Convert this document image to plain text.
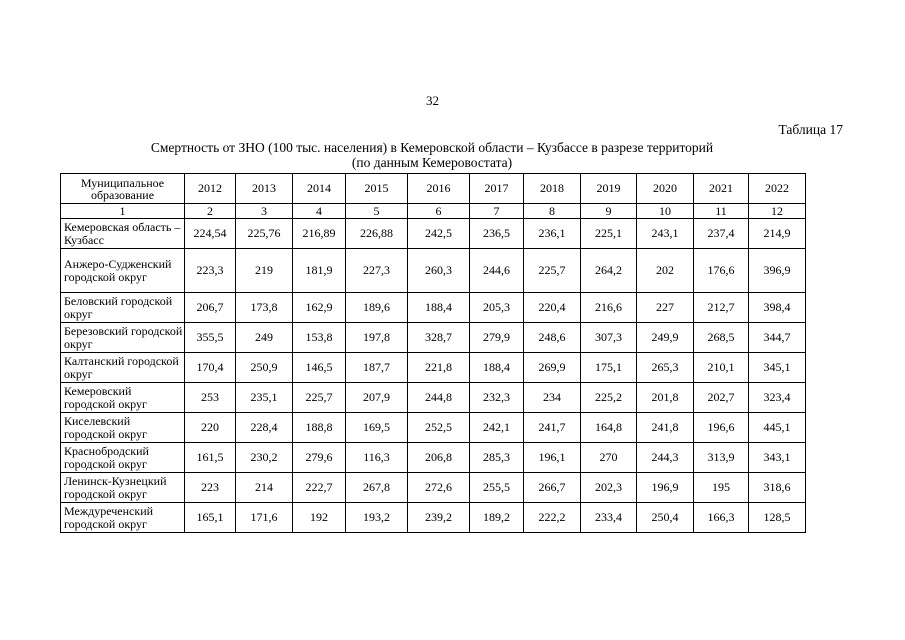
32
Таблица 17
Смертность от ЗНО (100 тыс. населения) в Кемеровской области – Кузбассе в разрезе территорий
(по данным Кемеровостата)
Муниципальное образование	2012	2013	2014	2015	2016	2017	2018	2019	2020	2021	2022
1	2	3	4	5	6	7	8	9	10	11	12
Кемеровская область – Кузбасс	224,54	225,76	216,89	226,88	242,5	236,5	236,1	225,1	243,1	237,4	214,9
Анжеро-Судженский городской округ	223,3	219	181,9	227,3	260,3	244,6	225,7	264,2	202	176,6	396,9
Беловский городской округ	206,7	173,8	162,9	189,6	188,4	205,3	220,4	216,6	227	212,7	398,4
Березовский городской округ	355,5	249	153,8	197,8	328,7	279,9	248,6	307,3	249,9	268,5	344,7
Калтанский городской округ	170,4	250,9	146,5	187,7	221,8	188,4	269,9	175,1	265,3	210,1	345,1
Кемеровский городской округ	253	235,1	225,7	207,9	244,8	232,3	234	225,2	201,8	202,7	323,4
Киселевский городской округ	220	228,4	188,8	169,5	252,5	242,1	241,7	164,8	241,8	196,6	445,1
Краснобродский городской округ	161,5	230,2	279,6	116,3	206,8	285,3	196,1	270	244,3	313,9	343,1
Ленинск-Кузнецкий городской округ	223	214	222,7	267,8	272,6	255,5	266,7	202,3	196,9	195	318,6
Междуреченский городской округ	165,1	171,6	192	193,2	239,2	189,2	222,2	233,4	250,4	166,3	128,5
